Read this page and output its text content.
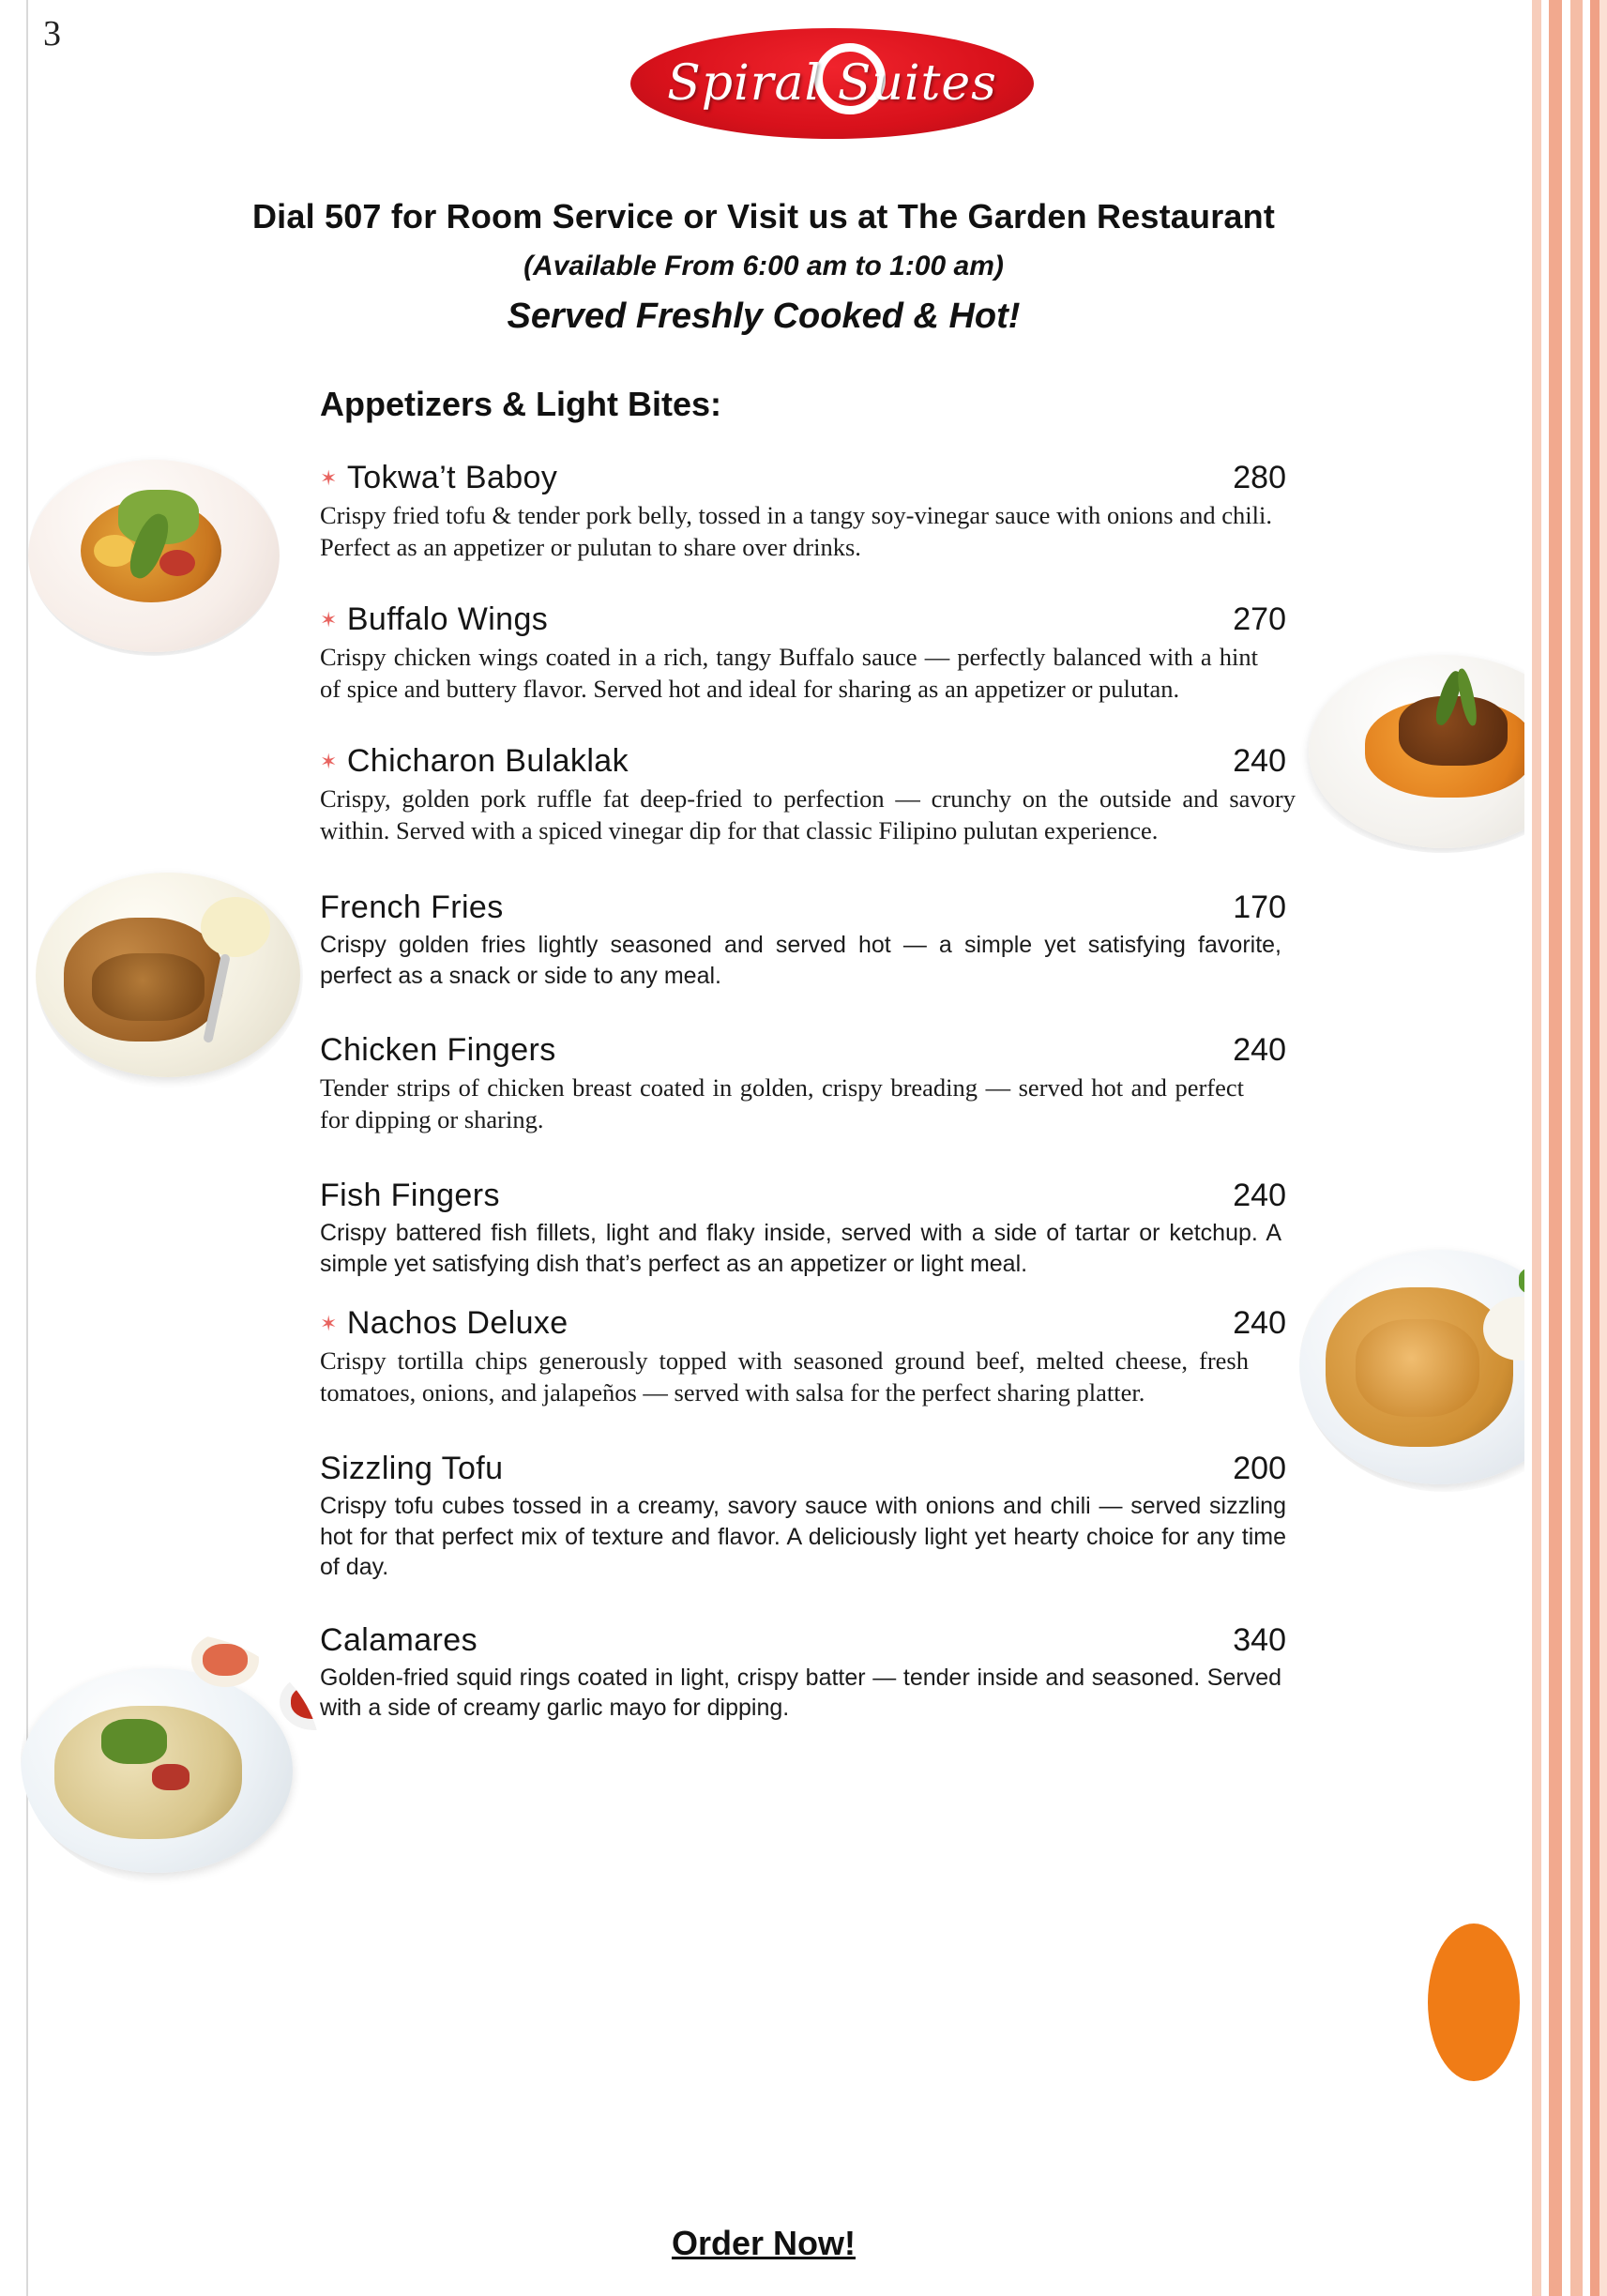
3
Spiral Suites
Dial 507 for Room Service or Visit us at The Garden Restaurant
(Available From 6:00 am to 1:00 am)
Served Freshly Cooked & Hot!
Appetizers & Light Bites:
✶ Tokwa’t Baboy	280
Crispy fried tofu & tender pork belly, tossed in a tangy soy-vinegar sauce with onions and chili. Perfect as an appetizer or pulutan to share over drinks.
✶ Buffalo Wings	270
Crispy chicken wings coated in a rich, tangy Buffalo sauce — perfectly balanced with a hint of spice and buttery flavor. Served hot and ideal for sharing as an appetizer or pulutan.
✶ Chicharon Bulaklak	240
Crispy, golden pork ruffle fat deep-fried to perfection — crunchy on the outside and savory within. Served with a spiced vinegar dip for that classic Filipino pulutan experience.
French Fries	170
Crispy golden fries lightly seasoned and served hot — a simple yet satisfying favorite, perfect as a snack or side to any meal.
Chicken Fingers	240
Tender strips of chicken breast coated in golden, crispy breading — served hot and perfect for dipping or sharing.
Fish Fingers	240
Crispy battered fish fillets, light and flaky inside, served with a side of tartar or ketchup. A simple yet satisfying dish that’s perfect as an appetizer or light meal.
✶ Nachos Deluxe	240
Crispy tortilla chips generously topped with seasoned ground beef, melted cheese, fresh tomatoes, onions, and jalapeños — served with salsa for the perfect sharing platter.
Sizzling Tofu	200
Crispy tofu cubes tossed in a creamy, savory sauce with onions and chili — served sizzling hot for that perfect mix of texture and flavor. A deliciously light yet hearty choice for any time of day.
Calamares	340
Golden-fried squid rings coated in light, crispy batter — tender inside and seasoned. Served with a side of creamy garlic mayo for dipping.
Order Now!
